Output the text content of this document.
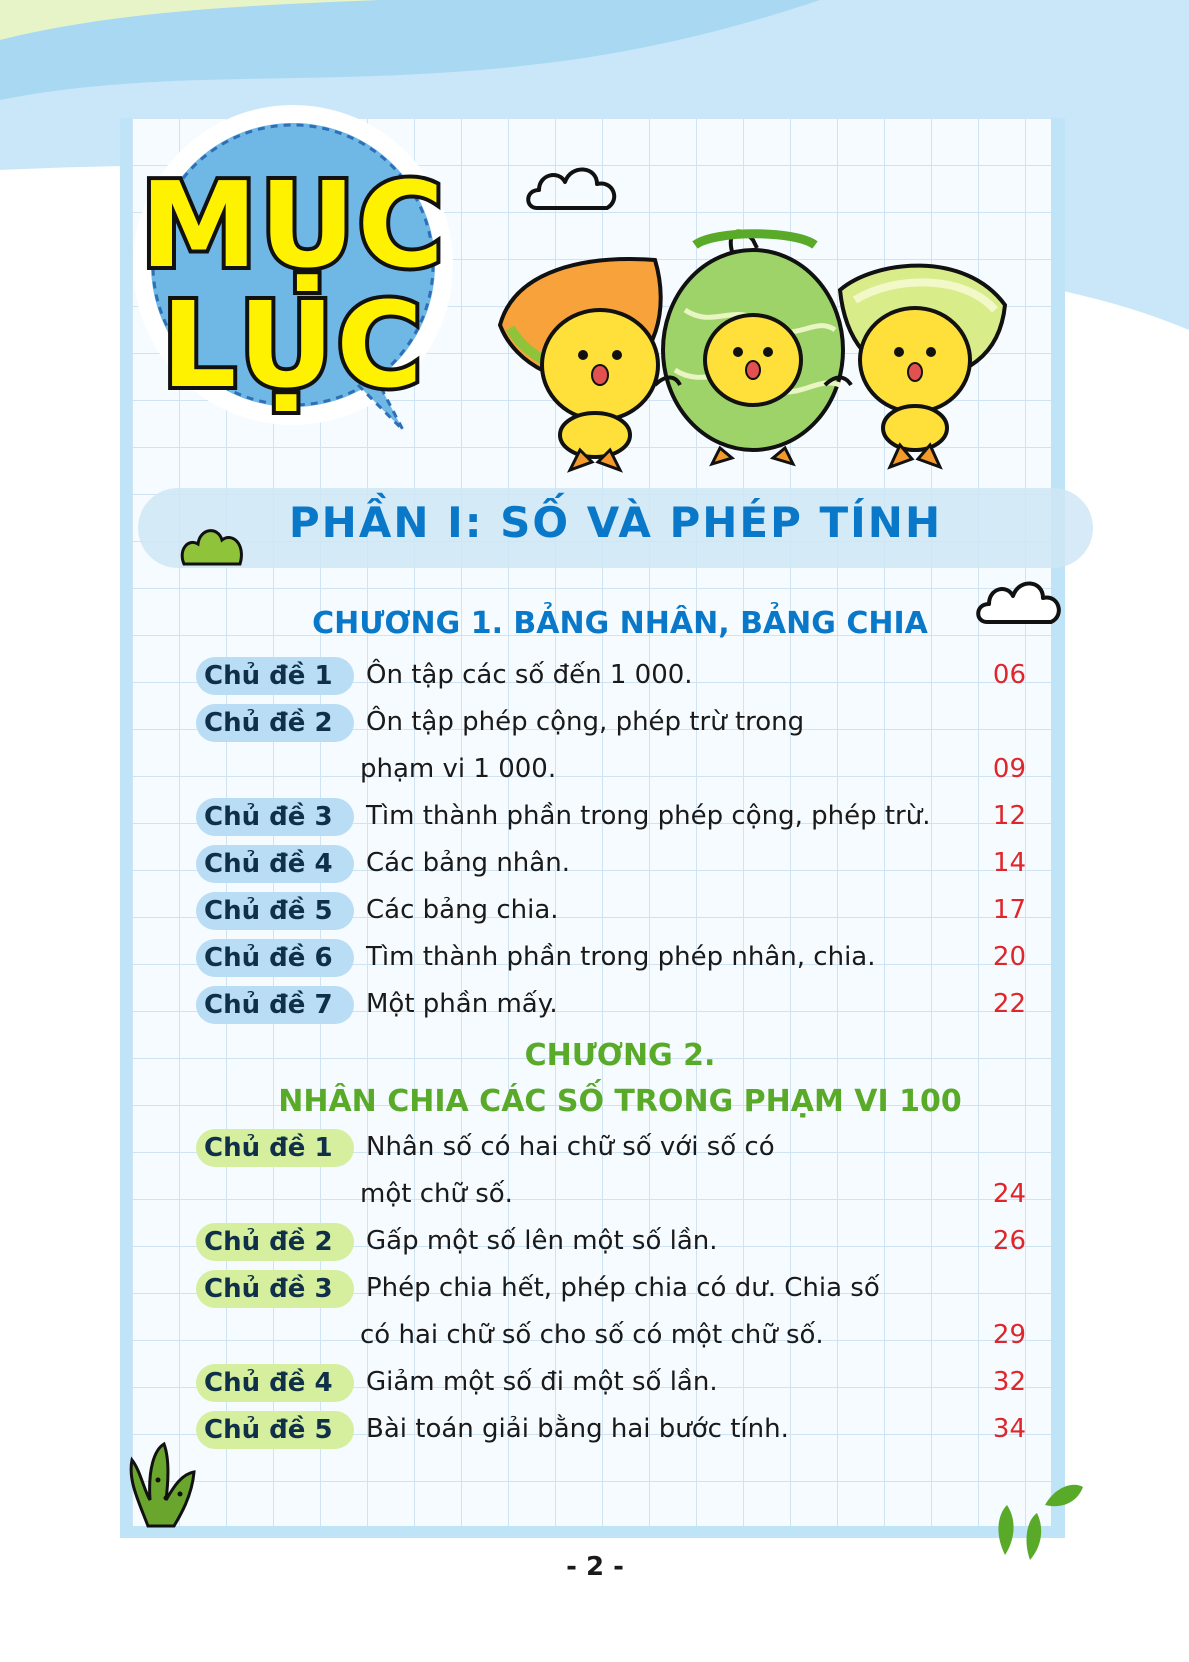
MỤC
LỤC
PHẦN I: SỐ VÀ PHÉP TÍNH
CHƯƠNG 1. BẢNG NHÂN, BẢNG CHIA
Chủ đề 1	Ôn tập các số đến 1 000.	06
Chủ đề 2	Ôn tập phép cộng, phép trừ trong
phạm vi 1 000.	09
Chủ đề 3	Tìm thành phần trong phép cộng, phép trừ.	12
Chủ đề 4	Các bảng nhân.	14
Chủ đề 5	Các bảng chia.	17
Chủ đề 6	Tìm thành phần trong phép nhân, chia.	20
Chủ đề 7	Một phần mấy.	22
CHƯƠNG 2.
NHÂN CHIA CÁC SỐ TRONG PHẠM VI 100
Chủ đề 1	Nhân số có hai chữ số với số có
một chữ số.	24
Chủ đề 2	Gấp một số lên một số lần.	26
Chủ đề 3	Phép chia hết, phép chia có dư. Chia số
có hai chữ số cho số có một chữ số.	29
Chủ đề 4	Giảm một số đi một số lần.	32
Chủ đề 5	Bài toán giải bằng hai bước tính.	34
- 2 -
